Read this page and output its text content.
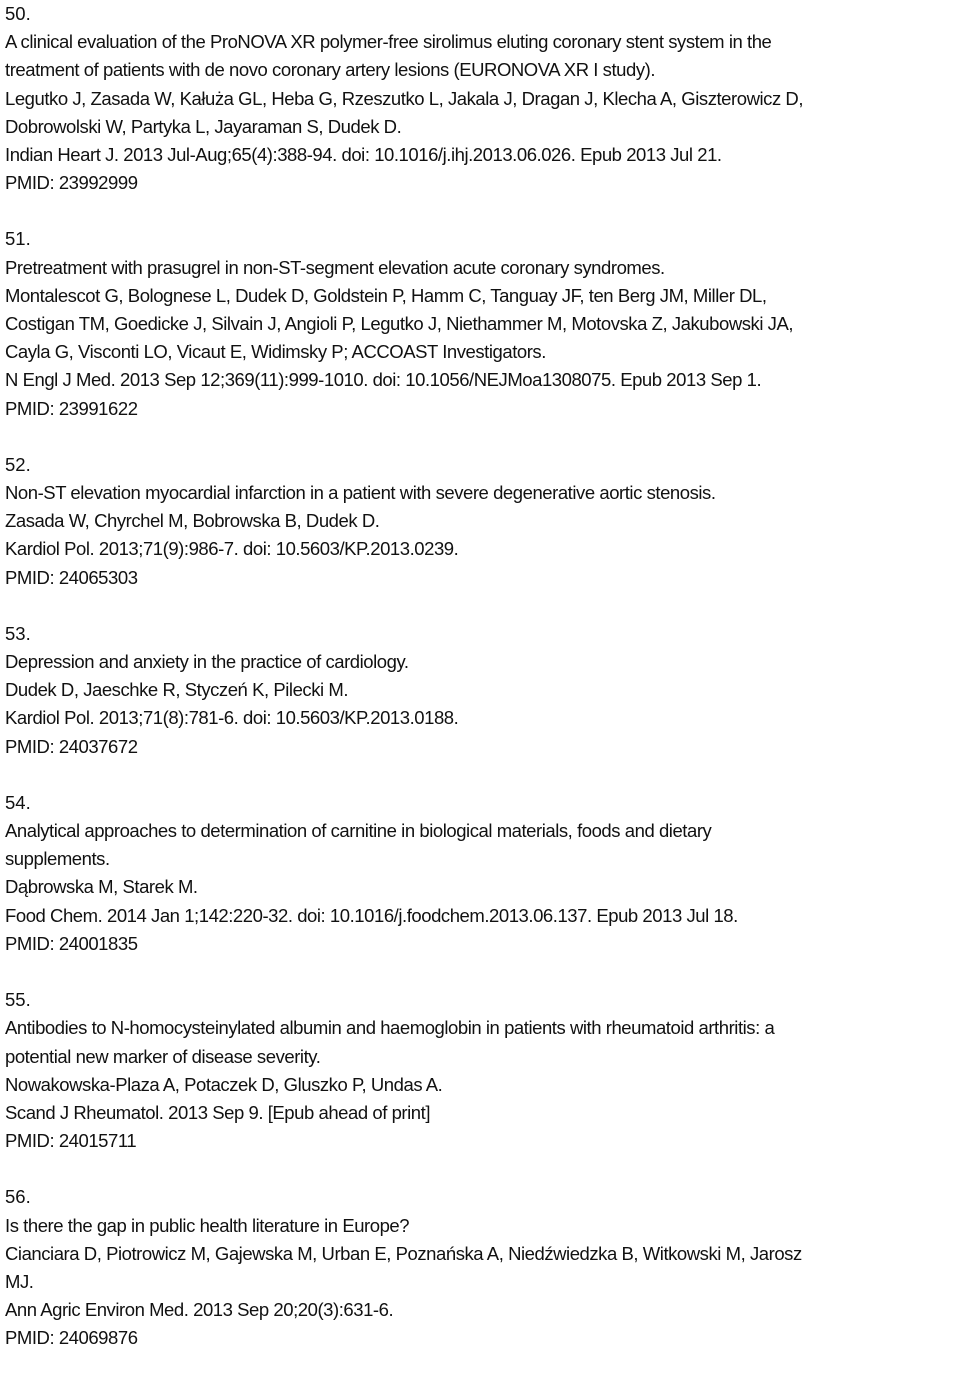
50.
A clinical evaluation of the ProNOVA XR polymer-free sirolimus eluting coronary stent system in the
treatment of patients with de novo coronary artery lesions (EURONOVA XR I study).
Legutko J, Zasada W, Kałuża GL, Heba G, Rzeszutko L, Jakala J, Dragan J, Klecha A, Giszterowicz D,
Dobrowolski W, Partyka L, Jayaraman S, Dudek D.
Indian Heart J. 2013 Jul-Aug;65(4):388-94. doi: 10.1016/j.ihj.2013.06.026. Epub 2013 Jul 21.
PMID: 23992999
51.
Pretreatment with prasugrel in non-ST-segment elevation acute coronary syndromes.
Montalescot G, Bolognese L, Dudek D, Goldstein P, Hamm C, Tanguay JF, ten Berg JM, Miller DL,
Costigan TM, Goedicke J, Silvain J, Angioli P, Legutko J, Niethammer M, Motovska Z, Jakubowski JA,
Cayla G, Visconti LO, Vicaut E, Widimsky P; ACCOAST Investigators.
N Engl J Med. 2013 Sep 12;369(11):999-1010. doi: 10.1056/NEJMoa1308075. Epub 2013 Sep 1.
PMID: 23991622
52.
Non-ST elevation myocardial infarction in a patient with severe degenerative aortic stenosis.
Zasada W, Chyrchel M, Bobrowska B, Dudek D.
Kardiol Pol. 2013;71(9):986-7. doi: 10.5603/KP.2013.0239.
PMID: 24065303
53.
Depression and anxiety in the practice of cardiology.
Dudek D, Jaeschke R, Styczeń K, Pilecki M.
Kardiol Pol. 2013;71(8):781-6. doi: 10.5603/KP.2013.0188.
PMID: 24037672
54.
Analytical approaches to determination of carnitine in biological materials, foods and dietary
supplements.
Dąbrowska M, Starek M.
Food Chem. 2014 Jan 1;142:220-32. doi: 10.1016/j.foodchem.2013.06.137. Epub 2013 Jul 18.
PMID: 24001835
55.
Antibodies to N-homocysteinylated albumin and haemoglobin in patients with rheumatoid arthritis: a
potential new marker of disease severity.
Nowakowska-Plaza A, Potaczek D, Gluszko P, Undas A.
Scand J Rheumatol. 2013 Sep 9. [Epub ahead of print]
PMID: 24015711
56.
Is there the gap in public health literature in Europe?
Cianciara D, Piotrowicz M, Gajewska M, Urban E, Poznańska A, Niedźwiedzka B, Witkowski M, Jarosz
MJ.
Ann Agric Environ Med. 2013 Sep 20;20(3):631-6.
PMID: 24069876
